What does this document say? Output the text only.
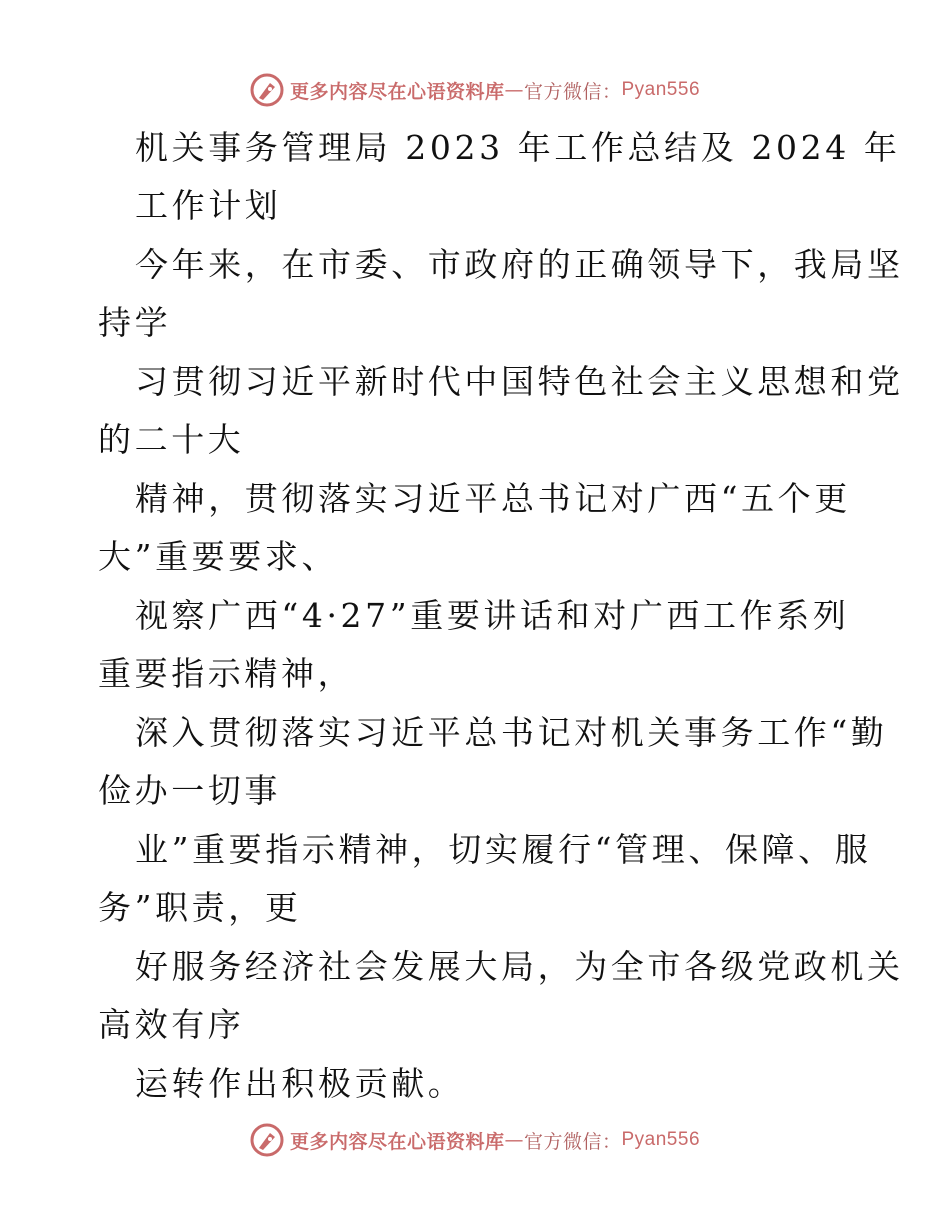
更多内容尽在心语资料库 — 官方微信： Pyan556
机关事务管理局 2023 年工作总结及 2024 年
工作计划
今年来，在市委、市政府的正确领导下，我局坚
持学
习贯彻习近平新时代中国特色社会主义思想和党
的二十大
精神，贯彻落实习近平总书记对广西“五个更
大”重要要求、
视察广西“4·27”重要讲话和对广西工作系列
重要指示精神，
深入贯彻落实习近平总书记对机关事务工作“勤
俭办一切事
业”重要指示精神，切实履行“管理、保障、服
务”职责，更
好服务经济社会发展大局，为全市各级党政机关
高效有序
运转作出积极贡献。
更多内容尽在心语资料库 — 官方微信： Pyan556
